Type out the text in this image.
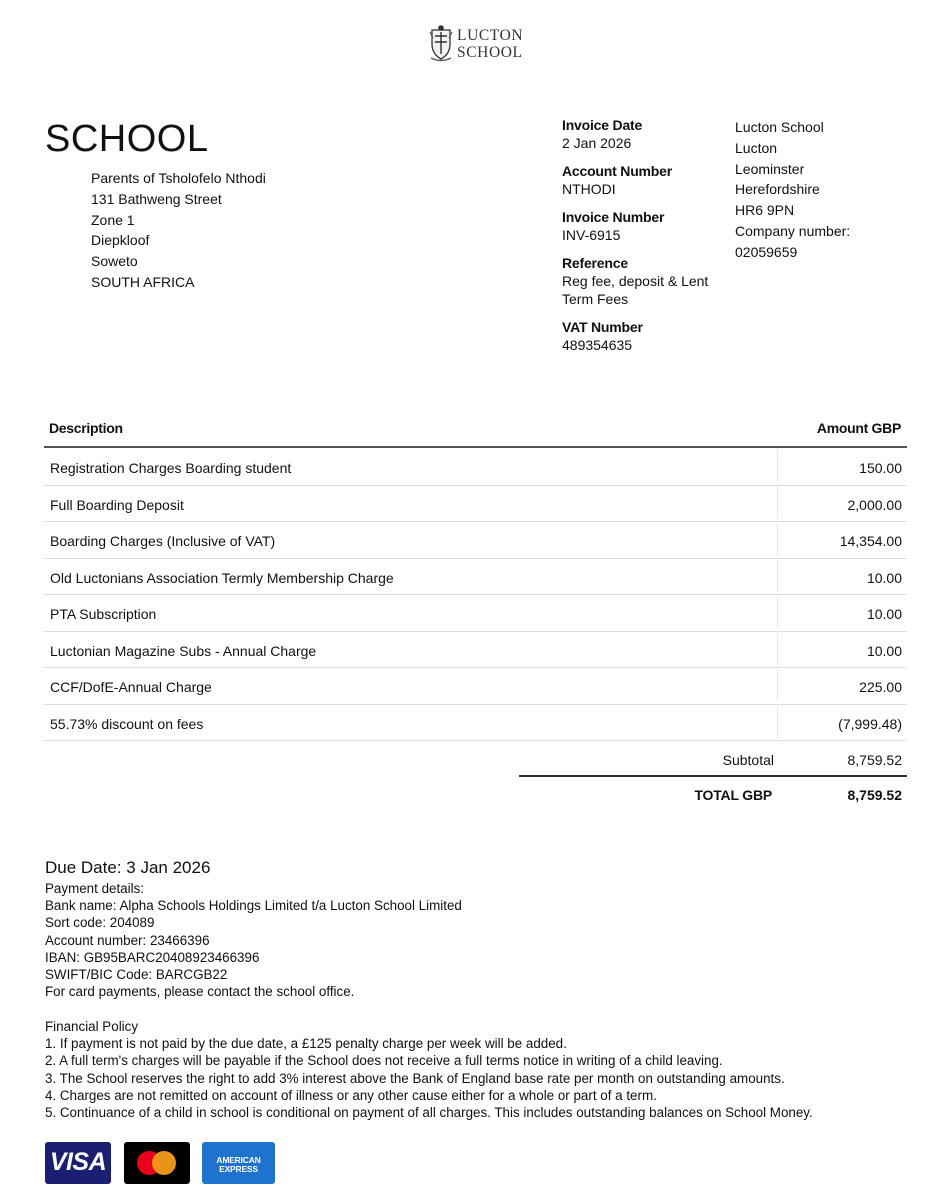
LUCTON
SCHOOL
SCHOOL
Parents of Tsholofelo Nthodi
131 Bathweng Street
Zone 1
Diepkloof
Soweto
SOUTH AFRICA
Invoice Date
2 Jan 2026
Account Number
NTHODI
Invoice Number
INV-6915
Reference
Reg fee, deposit & Lent Term Fees
VAT Number
489354635
Lucton School
Lucton
Leominster
Herefordshire
HR6 9PN
Company number:
02059659
Description	Amount GBP
Registration Charges Boarding student	150.00
Full Boarding Deposit	2,000.00
Boarding Charges (Inclusive of VAT)	14,354.00
Old Luctonians Association Termly Membership Charge	10.00
PTA Subscription	10.00
Luctonian Magazine Subs - Annual Charge	10.00
CCF/DofE-Annual Charge	225.00
55.73% discount on fees	(7,999.48)
Subtotal	8,759.52
TOTAL GBP	8,759.52
Due Date: 3 Jan 2026
Payment details:
Bank name: Alpha Schools Holdings Limited t/a Lucton School Limited
Sort code: 204089
Account number: 23466396
IBAN: GB95BARC20408923466396
SWIFT/BIC Code: BARCGB22
For card payments, please contact the school office.
Financial Policy
1. If payment is not paid by the due date, a £125 penalty charge per week will be added.
2. A full term's charges will be payable if the School does not receive a full terms notice in writing of a child leaving.
3. The School reserves the right to add 3% interest above the Bank of England base rate per month on outstanding amounts.
4. Charges are not remitted on account of illness or any other cause either for a whole or part of a term.
5. Continuance of a child in school is conditional on payment of all charges. This includes outstanding balances on School Money.
VISA	AMERICAN
EXPRESS
